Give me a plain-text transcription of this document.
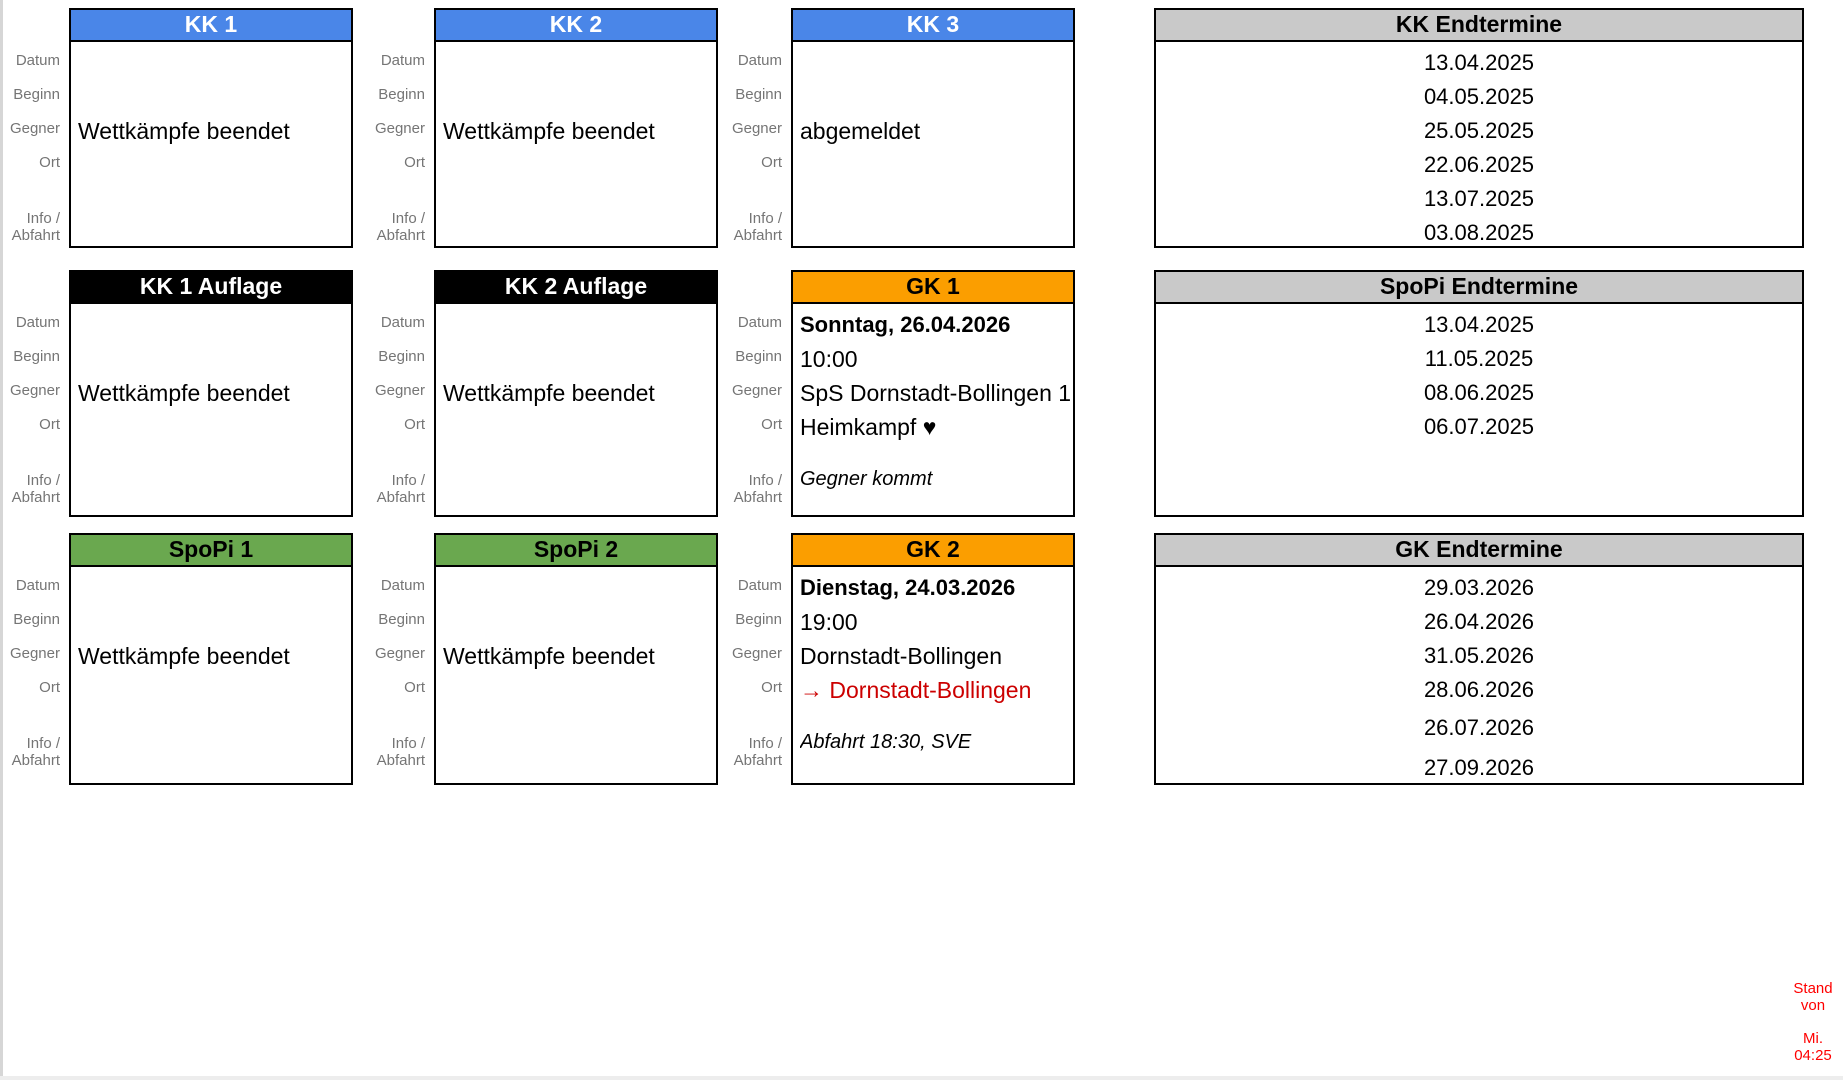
Datum
Beginn
Gegner
Ort
Info /
Abfahrt
KK 1
Wettkämpfe beendet
Datum
Beginn
Gegner
Ort
Info /
Abfahrt
KK 2
Wettkämpfe beendet
Datum
Beginn
Gegner
Ort
Info /
Abfahrt
KK 3
abgemeldet
KK Endtermine
13.04.2025
04.05.2025
25.05.2025
22.06.2025
13.07.2025
03.08.2025
Datum
Beginn
Gegner
Ort
Info /
Abfahrt
KK 1 Auflage
Wettkämpfe beendet
Datum
Beginn
Gegner
Ort
Info /
Abfahrt
KK 2 Auflage
Wettkämpfe beendet
Datum
Beginn
Gegner
Ort
Info /
Abfahrt
GK 1
Sonntag, 26.04.2026
10:00
SpS Dornstadt-Bollingen 1
Heimkampf ♥
Gegner kommt
SpoPi Endtermine
13.04.2025
11.05.2025
08.06.2025
06.07.2025
Datum
Beginn
Gegner
Ort
Info /
Abfahrt
SpoPi 1
Wettkämpfe beendet
Datum
Beginn
Gegner
Ort
Info /
Abfahrt
SpoPi 2
Wettkämpfe beendet
Datum
Beginn
Gegner
Ort
Info /
Abfahrt
GK 2
Dienstag, 24.03.2026
19:00
Dornstadt-Bollingen
→ Dornstadt-Bollingen
Abfahrt 18:30, SVE
GK Endtermine
29.03.2026
26.04.2026
31.05.2026
28.06.2026
26.07.2026
27.09.2026
Stand
von
Mi.
04:25
